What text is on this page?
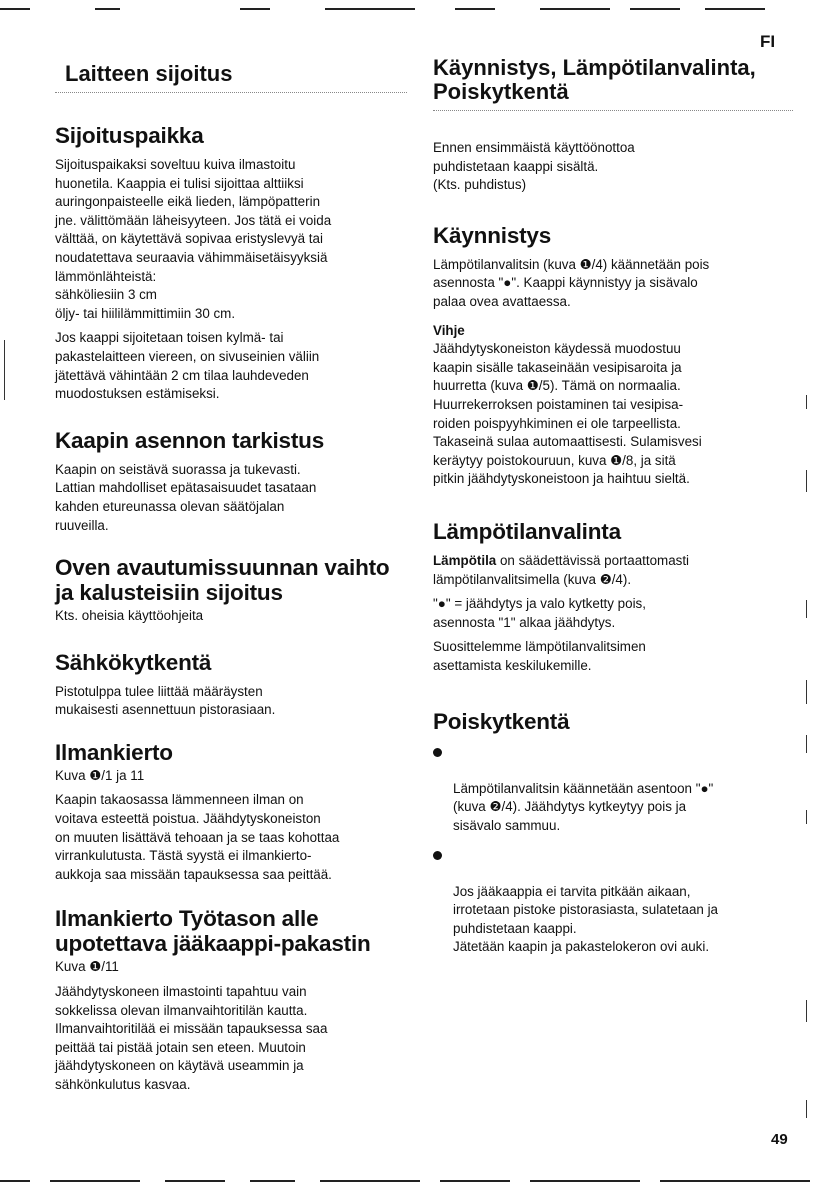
FI
Laitteen sijoitus
Sijoituspaikka
Sijoituspaikaksi soveltuu kuiva ilmastoitu
huonetila. Kaappia ei tulisi sijoittaa alttiiksi
auringonpaisteelle eikä lieden, lämpöpatterin
jne. välittömään läheisyyteen. Jos tätä ei voida
välttää, on käytettävä sopivaa eristyslevyä tai
noudatettava seuraavia vähimmäisetäisyyksiä
lämmönlähteistä:
sähköliesiin 3 cm
öljy- tai hiililämmittimiin 30 cm.
Jos kaappi sijoitetaan toisen kylmä- tai
pakastelaitteen viereen, on sivuseinien väliin
jätettävä vähintään 2 cm tilaa lauhdeveden
muodostuksen estämiseksi.
Kaapin asennon tarkistus
Kaapin on seistävä suorassa ja tukevasti.
Lattian mahdolliset epätasaisuudet tasataan
kahden etureunassa olevan säätöjalan
ruuveilla.
Oven avautumissuunnan vaihto ja kalusteisiin sijoitus
Kts. oheisia käyttöohjeita
Sähkökytkentä
Pistotulppa tulee liittää määräysten
mukaisesti asennettuun pistorasiaan.
Ilmankierto
Kuva ❶/1 ja 11
Kaapin takaosassa lämmenneen ilman on
voitava esteettä poistua. Jäähdytyskoneiston
on muuten lisättävä tehoaan ja se taas kohottaa
virrankulutusta. Tästä syystä ei ilmankierto-
aukkoja saa missään tapauksessa saa peittää.
Ilmankierto Työtason alle upotettava jääkaappi-pakastin
Kuva ❶/11
Jäähdytyskoneen ilmastointi tapahtuu vain
sokkelissa olevan ilmanvaihtoritilän kautta.
Ilmanvaihtoritilää ei missään tapauksessa saa
peittää tai pistää jotain sen eteen. Muutoin
jäähdytyskoneen on käytävä useammin ja
sähkönkulutus kasvaa.
Käynnistys, Lämpötilanvalinta,
Poiskytkentä
Ennen ensimmäistä käyttöönottoa
puhdistetaan kaappi sisältä.
(Kts. puhdistus)
Käynnistys
Lämpötilanvalitsin (kuva ❶/4) käännetään pois
asennosta "●". Kaappi käynnistyy ja sisävalo
palaa ovea avattaessa.
Vihje
Jäähdytyskoneiston käydessä muodostuu
kaapin sisälle takaseinään vesipisaroita ja
huurretta (kuva ❶/5). Tämä on normaalia.
Huurrekerroksen poistaminen tai vesipisa-
roiden poispyyhkiminen ei ole tarpeellista.
Takaseinä sulaa automaattisesti. Sulamisvesi
keräytyy poistokouruun, kuva ❶/8, ja sitä
pitkin jäähdytyskoneistoon ja haihtuu sieltä.
Lämpötilanvalinta
Lämpötila on säädettävissä portaattomasti
lämpötilanvalitsimella (kuva ❷/4).
"●" = jäähdytys ja valo kytketty pois,
asennosta "1" alkaa jäähdytys.
Suosittelemme lämpötilanvalitsimen
asettamista keskilukemille.
Poiskytkentä

Lämpötilanvalitsin käännetään asentoon "●"
(kuva ❷/4). Jäähdytys kytkeytyy pois ja
sisävalo sammuu.

Jos jääkaappia ei tarvita pitkään aikaan,
irrotetaan pistoke pistorasiasta, sulatetaan ja
puhdistetaan kaappi.
Jätetään kaapin ja pakastelokeron ovi auki.

49
